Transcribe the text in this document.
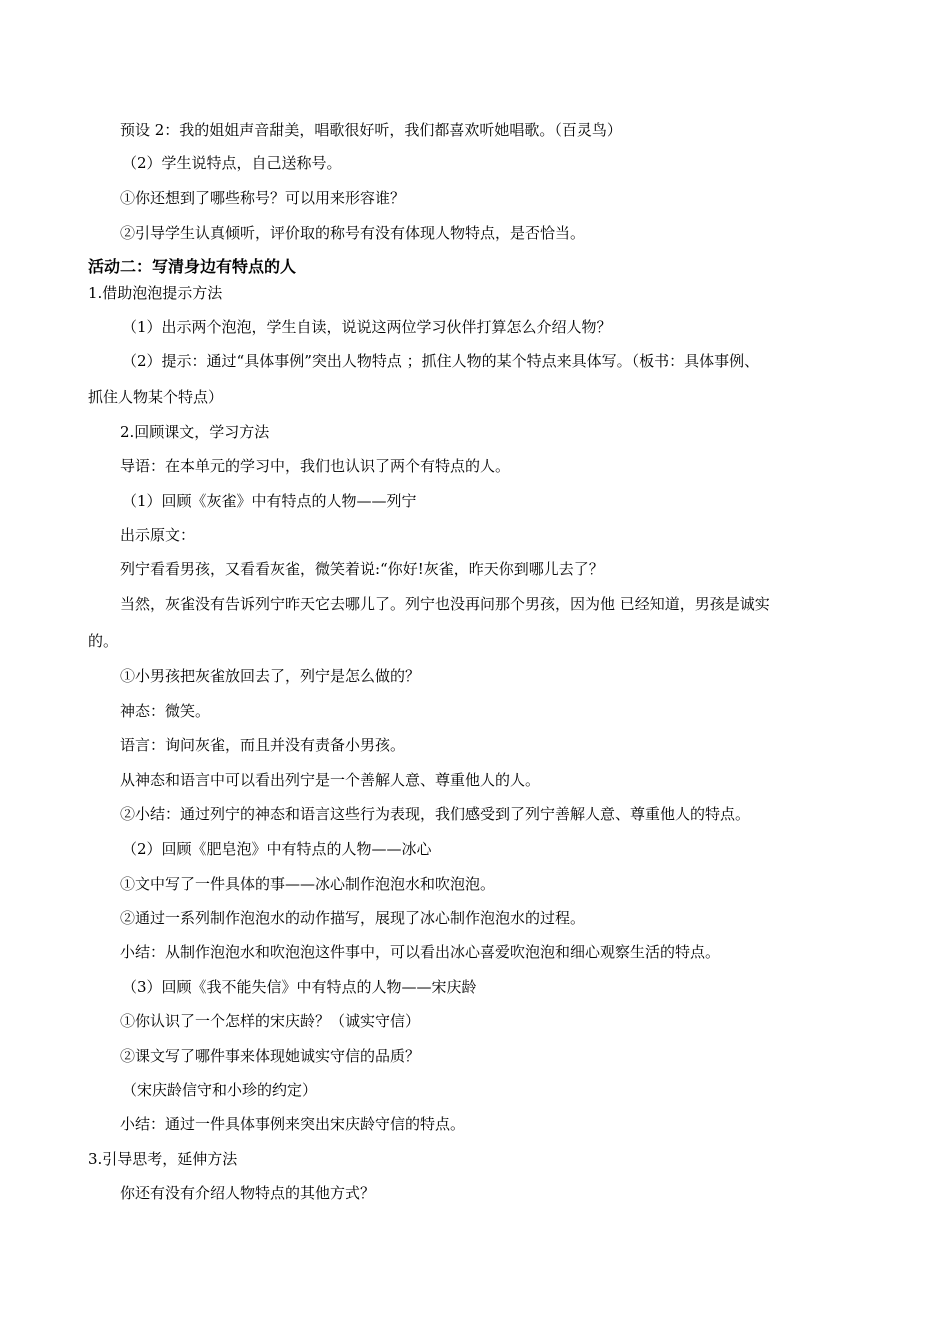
预设 2：我的姐姐声音甜美，唱歌很好听，我们都喜欢听她唱歌。（百灵鸟）
（2）学生说特点，自己送称号。
①你还想到了哪些称号？可以用来形容谁？
②引导学生认真倾听，评价取的称号有没有体现人物特点，是否恰当。
活动二：写清身边有特点的人
1.借助泡泡提示方法
（1）出示两个泡泡，学生自读，说说这两位学习伙伴打算怎么介绍人物？
（2）提示：通过“具体事例”突出人物特点 ；抓住人物的某个特点来具体写。（板书：具体事例、
抓住人物某个特点）
2.回顾课文，学习方法
导语：在本单元的学习中，我们也认识了两个有特点的人。
（1）回顾《灰雀》中有特点的人物——列宁
出示原文：
列宁看看男孩，又看看灰雀，微笑着说:“你好!灰雀，昨天你到哪儿去了？
当然，灰雀没有告诉列宁昨天它去哪儿了。列宁也没再问那个男孩，因为他 已经知道，男孩是诚实
的。
①小男孩把灰雀放回去了，列宁是怎么做的？
神态：微笑。
语言：询问灰雀，而且并没有责备小男孩。
从神态和语言中可以看出列宁是一个善解人意、尊重他人的人。
②小结：通过列宁的神态和语言这些行为表现，我们感受到了列宁善解人意、尊重他人的特点。
（2）回顾《肥皂泡》中有特点的人物——冰心
①文中写了一件具体的事——冰心制作泡泡水和吹泡泡。
②通过一系列制作泡泡水的动作描写，展现了冰心制作泡泡水的过程。
小结：从制作泡泡水和吹泡泡这件事中，可以看出冰心喜爱吹泡泡和细心观察生活的特点。
（3）回顾《我不能失信》中有特点的人物——宋庆龄
①你认识了一个怎样的宋庆龄？（诚实守信）
②课文写了哪件事来体现她诚实守信的品质？
（宋庆龄信守和小珍的约定）
小结：通过一件具体事例来突出宋庆龄守信的特点。
3.引导思考，延伸方法
你还有没有介绍人物特点的其他方式？
